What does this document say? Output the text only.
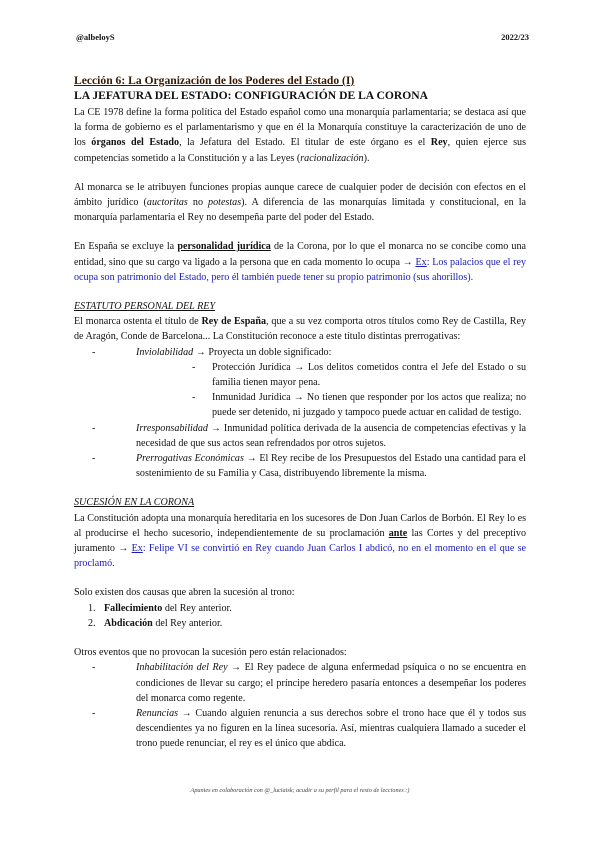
@albeloyS	2022/23
Lección 6: La Organización de los Poderes del Estado (I)
LA JEFATURA DEL ESTADO: CONFIGURACIÓN DE LA CORONA

La CE 1978 define la forma política del Estado español como una monarquía parlamentaria; se destaca así que la forma de gobierno es el parlamentarismo y que en él la Monarquía constituye la caracterización de uno de los órganos del Estado, la Jefatura del Estado. El titular de este órgano es el Rey, quien ejerce sus competencias sometido a la Constitución y a las Leyes (racionalización).

Al monarca se le atribuyen funciones propias aunque carece de cualquier poder de decisión con efectos en el ámbito jurídico (auctoritas no potestas). A diferencia de las monarquías limitada y constitucional, en la monarquía parlamentaria el Rey no desempeña parte del poder del Estado.

En España se excluye la personalidad jurídica de la Corona, por lo que el monarca no se concibe como una entidad, sino que su cargo va ligado a la persona que en cada momento lo ocupa → Ex: Los palacios que el rey ocupa son patrimonio del Estado, pero él también puede tener su propio patrimonio (sus ahorillos).

ESTATUTO PERSONAL DEL REY

El monarca ostenta el título de Rey de España, que a su vez comporta otros títulos como Rey de Castilla, Rey de Aragón, Conde de Barcelona... La Constitución reconoce a este título distintas prerrogativas:

-	Inviolabilidad → Proyecta un doble significado:
- Protección Jurídica → Los delitos cometidos contra el Jefe del Estado o su familia tienen mayor pena.
- Inmunidad Jurídica → No tienen que responder por los actos que realiza; no puede ser detenido, ni juzgado y tampoco puede actuar en calidad de testigo.
-	Irresponsabilidad → Inmunidad política derivada de la ausencia de competencias efectivas y la necesidad de que sus actos sean refrendados por otros sujetos.
-	Prerrogativas Económicas → El Rey recibe de los Presupuestos del Estado una cantidad para el sostenimiento de su Familia y Casa, distribuyendo libremente la misma.

SUCESIÓN EN LA CORONA

La Constitución adopta una monarquía hereditaria en los sucesores de Don Juan Carlos de Borbón. El Rey lo es al producirse el hecho sucesorio, independientemente de su proclamación ante las Cortes y del preceptivo juramento → Ex: Felipe VI se convirtió en Rey cuando Juan Carlos I abdicó, no en el momento en el que se proclamó.

Solo existen dos causas que abren la sucesión al trono:

1. Fallecimiento del Rey anterior.
2. Abdicación del Rey anterior.

Otros eventos que no provocan la sucesión pero están relacionados:

-	Inhabilitación del Rey → El Rey padece de alguna enfermedad psíquica o no se encuentra en condiciones de llevar su cargo; el príncipe heredero pasaría entonces a desempeñar los poderes del monarca como regente.
-	Renuncias → Cuando alguien renuncia a sus derechos sobre el trono hace que él y todos sus descendientes ya no figuren en la línea sucesoria. Así, mientras cualquiera llamado a suceder el trono puede renunciar, el rey es el único que abdica.
Apuntes en colaboración con @_luciatsk; acudir a su perfil para el resto de lecciones :)
